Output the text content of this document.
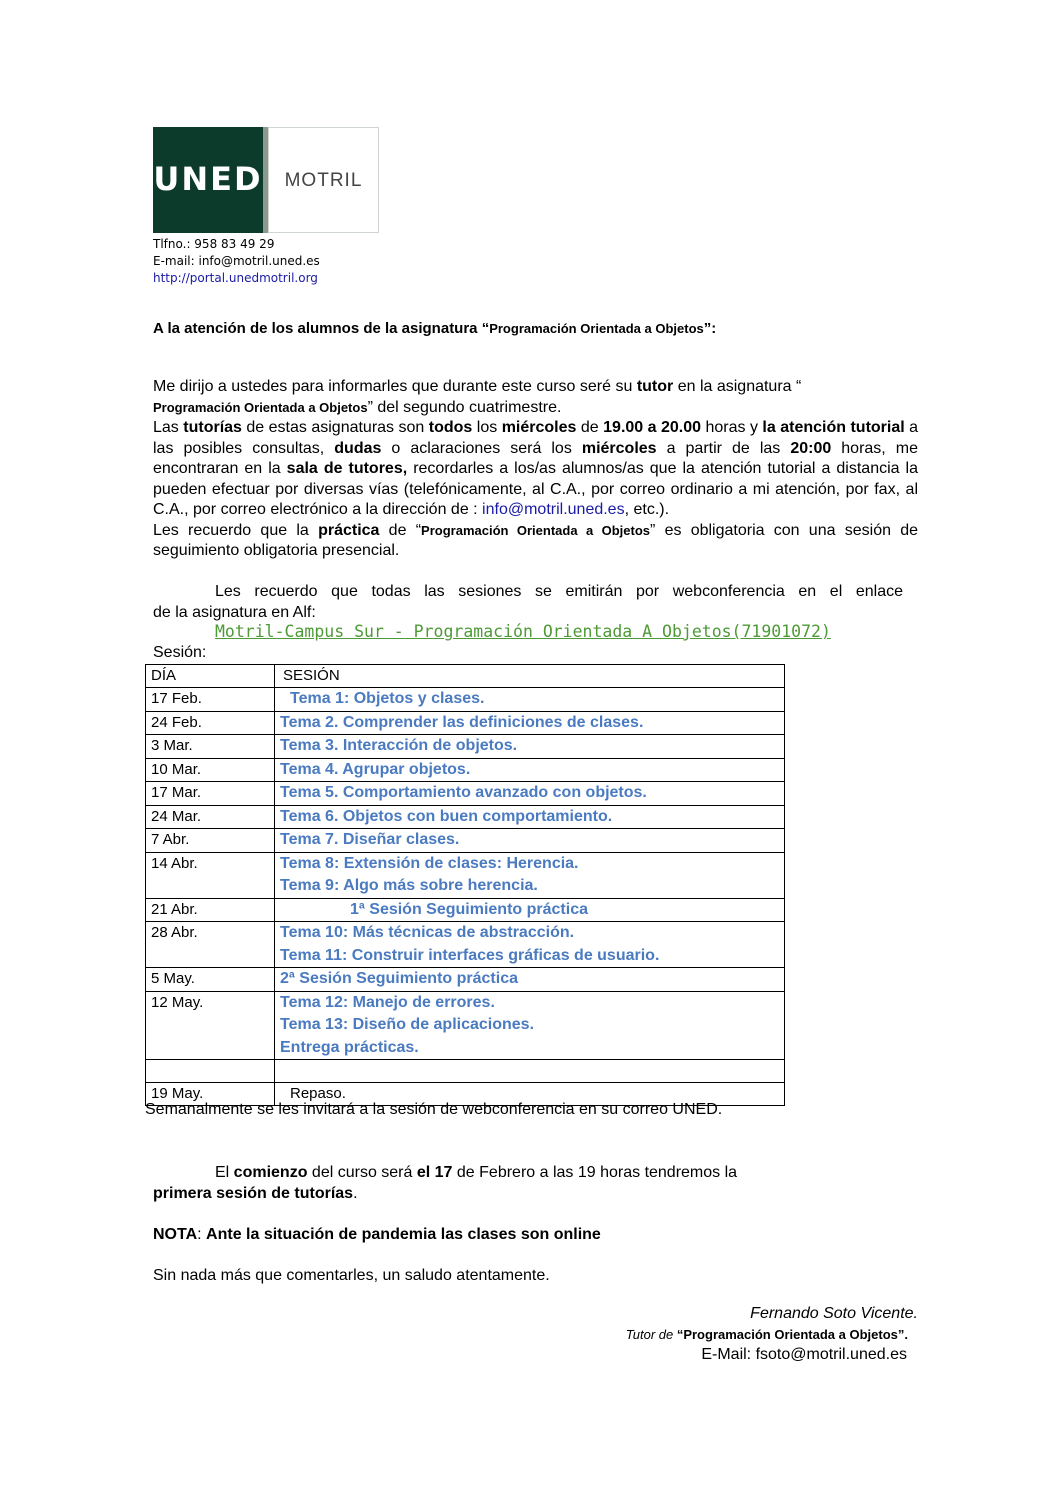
UNED	MOTRIL
Tlfno.: 958 83 49 29
E-mail: info@motril.uned.es
http://portal.unedmotril.org
A la atención de los alumnos de la asignatura “Programación Orientada a Objetos”:
Me dirijo a ustedes para informarles que durante este curso seré su tutor en la asignatura “
Programación Orientada a Objetos” del segundo cuatrimestre.
Las tutorías de estas asignaturas son todos los miércoles de 19.00 a 20.00 horas y la atención tutorial a las posibles consultas, dudas o aclaraciones será los miércoles a partir de las 20:00 horas, me encontraran en la sala de tutores, recordarles a los/as alumnos/as que la atención tutorial a distancia la pueden efectuar por diversas vías (telefónicamente, al C.A., por correo ordinario a mi atención, por fax, al C.A., por correo electrónico a la dirección de : info@motril.uned.es, etc.).
Les recuerdo que la práctica de “Programación Orientada a Objetos” es obligatoria con una sesión de seguimiento obligatoria presencial.
Les recuerdo que todas las sesiones se emitirán por webconferencia en el enlace
de la asignatura en Alf:
Motril-Campus Sur - Programación Orientada A Objetos(71901072)
Sesión:
DÍA	SESIÓN
17 Feb.	Tema 1: Objetos y clases.

24 Feb.	Tema 2. Comprender las definiciones de clases.

3 Mar.	Tema 3. Interacción de objetos.

10 Mar.	Tema 4. Agrupar objetos.

17 Mar.	Tema 5. Comportamiento avanzado con objetos.

24 Mar.	Tema 6. Objetos con buen comportamiento.

7 Abr.	Tema 7. Diseñar clases.

14 Abr.	Tema 8: Extensión de clases: Herencia.
Tema 9: Algo más sobre herencia.

21 Abr.	1ª Sesión Seguimiento práctica

28 Abr.	Tema 10: Más técnicas de abstracción.
Tema 11: Construir interfaces gráficas de usuario.

5 May.	2ª Sesión Seguimiento práctica

12 May.	Tema 12: Manejo de errores.
Tema 13: Diseño de aplicaciones.
Entrega prácticas.

19 May.	Repaso.
Semanalmente se les invitará a la sesión de webconferencia en su correo UNED.
El comienzo del curso será el 17 de Febrero a las 19 horas tendremos la
primera sesión de tutorías.
NOTA: Ante la situación de pandemia las clases son online
Sin nada más que comentarles, un saludo atentamente.
Fernando Soto Vicente.
Tutor de “Programación Orientada a Objetos”.
E-Mail: fsoto@motril.uned.es
